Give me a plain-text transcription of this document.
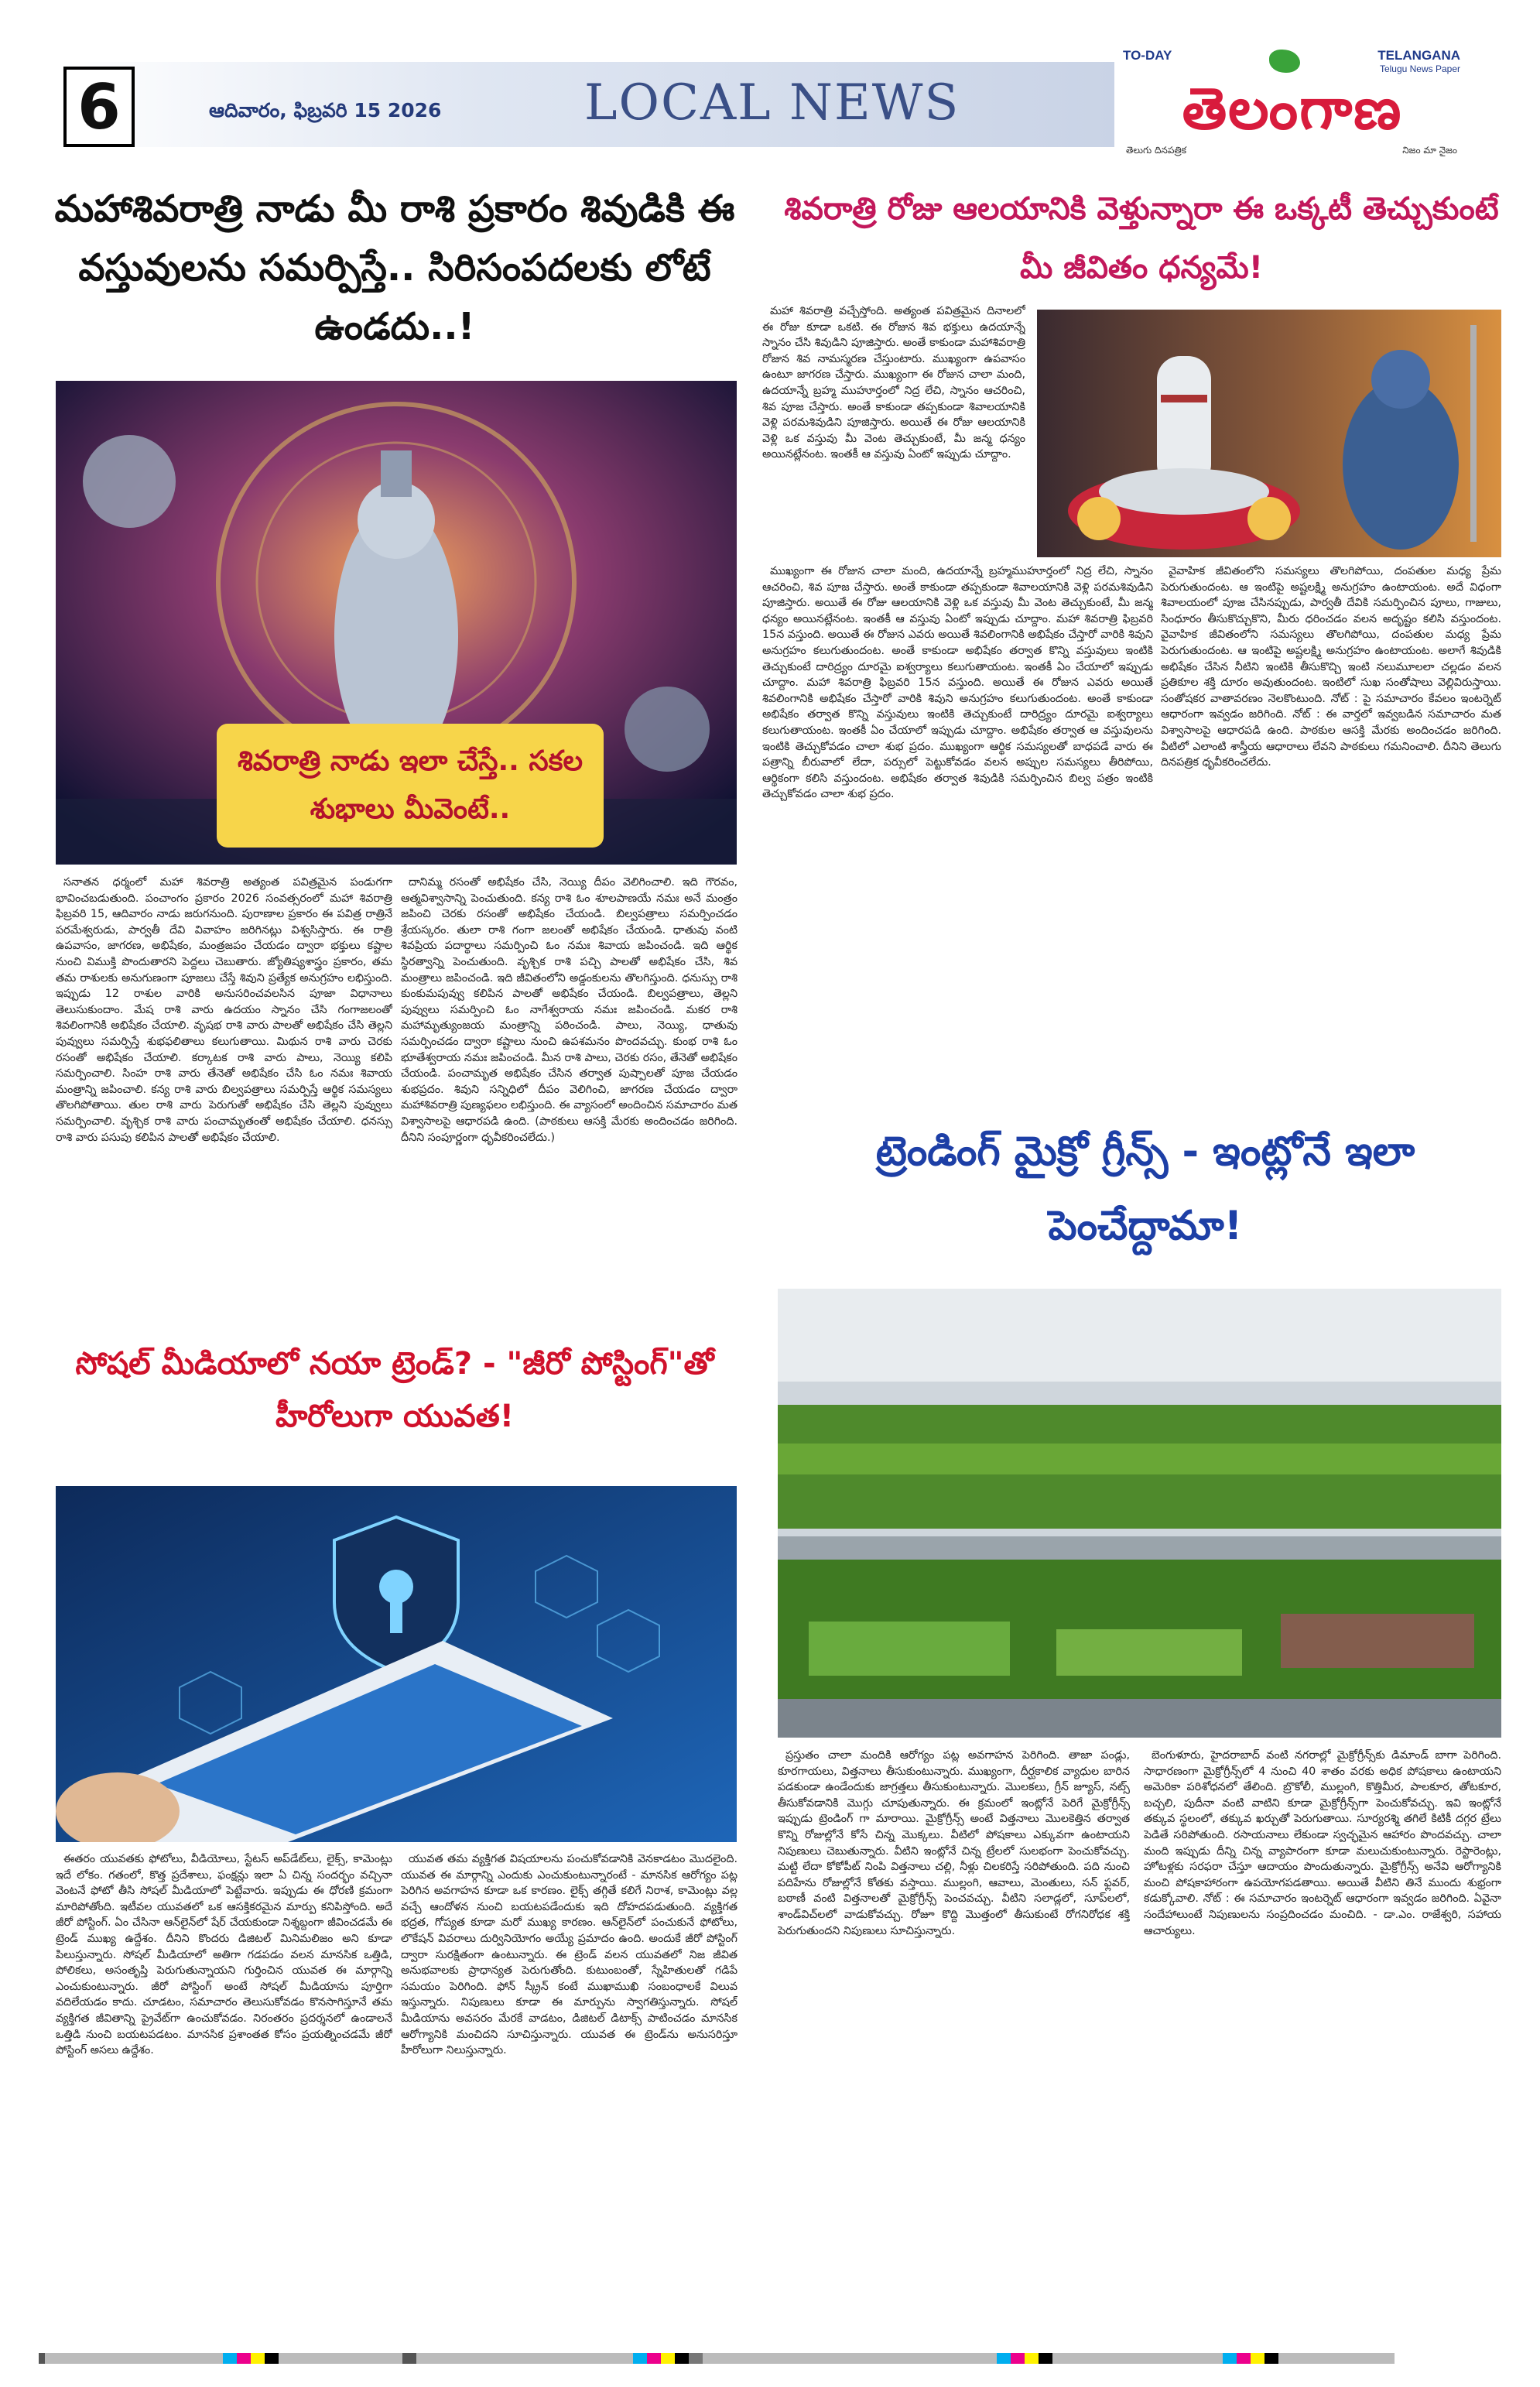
6	ఆదివారం, ఫిబ్రవరి 15 2026	LOCAL NEWS
TO-DAY	TELANGANA
Telugu News Paper
తెలంగాణ
తెలుగు దినపత్రిక	నిజం మా నైజం
మహాశివరాత్రి నాడు మీ రాశి ప్రకారం శివుడికి ఈ వస్తువులను సమర్పిస్తే.. సిరిసంపదలకు లోటే ఉండదు..!
శివరాత్రి నాడు ఇలా చేస్తే.. సకల శుభాలు మీవెంటే..

సనాతన ధర్మంలో మహా శివరాత్రి అత్యంత పవిత్రమైన పండుగగా భావించబడుతుంది. పంచాంగం ప్రకారం 2026 సంవత్సరంలో మహా శివరాత్రి ఫిబ్రవరి 15, ఆదివారం నాడు జరుగనుంది. పురాణాల ప్రకారం ఈ పవిత్ర రాత్రినే పరమేశ్వరుడు, పార్వతీ దేవి వివాహం జరిగినట్లు విశ్వసిస్తారు. ఈ రాత్రి ఉపవాసం, జాగరణ, అభిషేకం, మంత్రజపం చేయడం ద్వారా భక్తులు కష్టాల నుంచి విముక్తి పొందుతారని పెద్దలు చెబుతారు. జ్యోతిష్యశాస్త్రం ప్రకారం, తమ తమ రాశులకు అనుగుణంగా పూజలు చేస్తే శివుని ప్రత్యేక అనుగ్రహం లభిస్తుంది. ఇప్పుడు 12 రాశుల వారికి అనుసరించవలసిన పూజా విధానాలు తెలుసుకుందాం. మేష రాశి వారు ఉదయం స్నానం చేసి గంగాజలంతో శివలింగానికి అభిషేకం చేయాలి. వృషభ రాశి వారు పాలతో అభిషేకం చేసి తెల్లని పువ్వులు సమర్పిస్తే శుభఫలితాలు కలుగుతాయి. మిథున రాశి వారు చెరకు రసంతో అభిషేకం చేయాలి. కర్కాటక రాశి వారు పాలు, నెయ్యి కలిపి సమర్పించాలి. సింహ రాశి వారు తేనెతో అభిషేకం చేసి ఓం నమః శివాయ మంత్రాన్ని జపించాలి. కన్య రాశి వారు బిల్వపత్రాలు సమర్పిస్తే ఆర్థిక సమస్యలు తొలగిపోతాయి. తుల రాశి వారు పెరుగుతో అభిషేకం చేసి తెల్లని పువ్వులు సమర్పించాలి. వృశ్చిక రాశి వారు పంచామృతంతో అభిషేకం చేయాలి. ధనస్సు రాశి వారు పసుపు కలిపిన పాలతో అభిషేకం చేయాలి.

దానిమ్మ రసంతో అభిషేకం చేసి, నెయ్యి దీపం వెలిగించాలి. ఇది గౌరవం, ఆత్మవిశ్వాసాన్ని పెంచుతుంది. కన్య రాశి ఓం శూలపాణయే నమః అనే మంత్రం జపించి చెరకు రసంతో అభిషేకం చేయండి. బిల్వపత్రాలు సమర్పించడం శ్రేయస్కరం. తులా రాశి గంగా జలంతో అభిషేకం చేయండి. ధాతువు వంటి శివప్రియ పదార్థాలు సమర్పించి ఓం నమః శివాయ జపించండి. ఇది ఆర్థిక స్థిరత్వాన్ని పెంచుతుంది. వృశ్చిక రాశి పచ్చి పాలతో అభిషేకం చేసి, శివ మంత్రాలు జపించండి. ఇది జీవితంలోని అడ్డంకులను తొలగిస్తుంది. ధనుస్సు రాశి కుంకుమపువ్వు కలిపిన పాలతో అభిషేకం చేయండి. బిల్వపత్రాలు, తెల్లని పువ్వులు సమర్పించి ఓం నాగేశ్వరాయ నమః జపించండి. మకర రాశి మహామృత్యుంజయ మంత్రాన్ని పఠించండి. పాలు, నెయ్యి, ధాతువు సమర్పించడం ద్వారా కష్టాలు నుంచి ఉపశమనం పొందవచ్చు. కుంభ రాశి ఓం భూతేశ్వరాయ నమః జపించండి. మీన రాశి పాలు, చెరకు రసం, తేనెతో అభిషేకం చేయండి. పంచామృత అభిషేకం చేసిన తర్వాత పుష్పాలతో పూజ చేయడం శుభప్రదం. శివుని సన్నిధిలో దీపం వెలిగించి, జాగరణ చేయడం ద్వారా మహాశివరాత్రి పుణ్యఫలం లభిస్తుంది. ఈ వ్యాసంలో అందించిన సమాచారం మత విశ్వాసాలపై ఆధారపడి ఉంది. (పాఠకులు ఆసక్తి మేరకు అందించడం జరిగింది. దీనిని సంపూర్ణంగా ధృవీకరించలేదు.)

శివరాత్రి రోజు ఆలయానికి వెళ్తున్నారా ఈ ఒక్కటీ తెచ్చుకుంటే మీ జీవితం ధన్యమే!

మహా శివరాత్రి వచ్చేస్తోంది. అత్యంత పవిత్రమైన దినాలలో ఈ రోజు కూడా ఒకటి. ఈ రోజున శివ భక్తులు ఉదయాన్నే స్నానం చేసి శివుడిని పూజిస్తారు. అంతే కాకుండా మహాశివరాత్రి రోజున శివ నామస్మరణ చేస్తుంటారు. ముఖ్యంగా ఉపవాసం ఉంటూ జాగరణ చేస్తారు. ముఖ్యంగా ఈ రోజున చాలా మంది, ఉదయాన్నే బ్రహ్మ ముహూర్తంలో నిద్ర లేచి, స్నానం ఆచరించి, శివ పూజ చేస్తారు. అంతే కాకుండా తప్పకుండా శివాలయానికి వెళ్లి పరమశివుడిని పూజిస్తారు. అయితే ఈ రోజు ఆలయానికి వెళ్లి ఒక వస్తువు మీ వెంట తెచ్చుకుంటే, మీ జన్మ ధన్యం అయినట్లేనంట. ఇంతకీ ఆ వస్తువు ఏంటో ఇప్పుడు చూద్దాం.

ముఖ్యంగా ఈ రోజున చాలా మంది, ఉదయాన్నే బ్రహ్మముహూర్తంలో నిద్ర లేచి, స్నానం ఆచరించి, శివ పూజ చేస్తారు. అంతే కాకుండా తప్పకుండా శివాలయానికి వెళ్లి పరమశివుడిని పూజిస్తారు. అయితే ఈ రోజు ఆలయానికి వెళ్లి ఒక వస్తువు మీ వెంట తెచ్చుకుంటే, మీ జన్మ ధన్యం అయినట్లేనంట. ఇంతకీ ఆ వస్తువు ఏంటో ఇప్పుడు చూద్దాం. మహా శివరాత్రి ఫిబ్రవరి 15న వస్తుంది. అయితే ఈ రోజున ఎవరు అయితే శివలింగానికి అభిషేకం చేస్తారో వారికి శివుని అనుగ్రహం కలుగుతుందంట. అంతే కాకుండా అభిషేకం తర్వాత కొన్ని వస్తువులు ఇంటికి తెచ్చుకుంటే దారిద్ర్యం దూరమై ఐశ్వర్యాలు కలుగుతాయంట. ఇంతకీ ఏం చేయాలో ఇప్పుడు చూద్దాం. మహా శివరాత్రి ఫిబ్రవరి 15న వస్తుంది. అయితే ఈ రోజున ఎవరు అయితే శివలింగానికి అభిషేకం చేస్తారో వారికి శివుని అనుగ్రహం కలుగుతుందంట. అంతే కాకుండా అభిషేకం తర్వాత కొన్ని వస్తువులు ఇంటికి తెచ్చుకుంటే దారిద్ర్యం దూరమై ఐశ్వర్యాలు కలుగుతాయంట. ఇంతకీ ఏం చేయాలో ఇప్పుడు చూద్దాం. అభిషేకం తర్వాత ఆ వస్తువులను ఇంటికి తెచ్చుకోవడం చాలా శుభ ప్రదం. ముఖ్యంగా ఆర్థిక సమస్యలతో బాధపడే వారు ఈ పత్రాన్ని బీరువాలో లేదా, పర్సులో పెట్టుకోవడం వలన అప్పుల సమస్యలు తీరిపోయి, ఆర్థికంగా కలిసి వస్తుందంట. అభిషేకం తర్వాత శివుడికి సమర్పించిన బిల్వ పత్రం ఇంటికి తెచ్చుకోవడం చాలా శుభ ప్రదం.

వైవాహిక జీవితంలోని సమస్యలు తొలగిపోయి, దంపతుల మధ్య ప్రేమ పెరుగుతుందంట. ఆ ఇంటిపై అష్టలక్ష్మి అనుగ్రహం ఉంటాయంట. అదే విధంగా శివాలయంలో పూజ చేసినప్పుడు, పార్వతీ దేవికి సమర్పించిన పూలు, గాజులు, సింధూరం తీసుకొచ్చుకొని, మీరు ధరించడం వలన అదృష్టం కలిసి వస్తుందంట. వైవాహిక జీవితంలోని సమస్యలు తొలగిపోయి, దంపతుల మధ్య ప్రేమ పెరుగుతుందంట. ఆ ఇంటిపై అష్టలక్ష్మి అనుగ్రహం ఉంటాయంట. అలాగే శివుడికి అభిషేకం చేసిన నీటిని ఇంటికి తీసుకొచ్చి ఇంటి నలుమూలలా చల్లడం వలన ప్రతికూల శక్తి దూరం అవుతుందంట. ఇంటిలో సుఖ సంతోషాలు వెల్లివిరుస్తాయి. సంతోషకర వాతావరణం నెలకొంటుంది. నోట్ : పై సమాచారం కేవలం ఇంటర్నెట్ ఆధారంగా ఇవ్వడం జరిగింది. నోట్ : ఈ వార్తలో ఇవ్వబడిన సమాచారం మత విశ్వాసాలపై ఆధారపడి ఉంది. పాఠకుల ఆసక్తి మేరకు అందించడం జరిగింది. వీటిలో ఎలాంటి శాస్త్రీయ ఆధారాలు లేవని పాఠకులు గమనించాలి. దీనిని తెలుగు దినపత్రిక ధృవీకరించలేదు.

ట్రెండింగ్ మైక్రో గ్రీన్స్ - ఇంట్లోనే ఇలా పెంచేద్దామా!

ప్రస్తుతం చాలా మందికి ఆరోగ్యం పట్ల అవగాహన పెరిగింది. తాజా పండ్లు, కూరగాయలు, విత్తనాలు తీసుకుంటున్నారు. ముఖ్యంగా, దీర్ఘకాలిక వ్యాధుల బారిన పడకుండా ఉండేందుకు జాగ్రత్తలు తీసుకుంటున్నారు. మొలకలు, గ్రీన్ జ్యూస్, నట్స్ తీసుకోవడానికి మొగ్గు చూపుతున్నారు. ఈ క్రమంలో ఇంట్లోనే పెరిగే మైక్రోగ్రీన్స్ ఇప్పుడు ట్రెండింగ్ గా మారాయి. మైక్రోగ్రీన్స్ అంటే విత్తనాలు మొలకెత్తిన తర్వాత కొన్ని రోజుల్లోనే కోసే చిన్న మొక్కలు. వీటిలో పోషకాలు ఎక్కువగా ఉంటాయని నిపుణులు చెబుతున్నారు. వీటిని ఇంట్లోనే చిన్న ట్రేలలో సులభంగా పెంచుకోవచ్చు. మట్టి లేదా కోకోపీట్ నింపి విత్తనాలు చల్లి, నీళ్లు చిలకరిస్తే సరిపోతుంది. పది నుంచి పదిహేను రోజుల్లోనే కోతకు వస్తాయి. ముల్లంగి, ఆవాలు, మెంతులు, సన్ ఫ్లవర్, బఠాణీ వంటి విత్తనాలతో మైక్రోగ్రీన్స్ పెంచవచ్చు. వీటిని సలాడ్లలో, సూప్‌లలో, శాండ్‌విచ్‌లలో వాడుకోవచ్చు. రోజూ కొద్ది మొత్తంలో తీసుకుంటే రోగనిరోధక శక్తి పెరుగుతుందని నిపుణులు సూచిస్తున్నారు.

బెంగుళూరు, హైదరాబాద్ వంటి నగరాల్లో మైక్రోగ్రీన్స్‌కు డిమాండ్ బాగా పెరిగింది. సాధారణంగా మైక్రోగ్రీన్స్‌లో 4 నుంచి 40 శాతం వరకు అధిక పోషకాలు ఉంటాయని అమెరికా పరిశోధనలో తేలింది. బ్రొకోలీ, ముల్లంగి, కొత్తిమీర, పాలకూర, తోటకూర, బచ్చలి, పుదీనా వంటి వాటిని కూడా మైక్రోగ్రీన్స్‌గా పెంచుకోవచ్చు. ఇవి ఇంట్లోనే తక్కువ స్థలంలో, తక్కువ ఖర్చుతో పెరుగుతాయి. సూర్యరశ్మి తగిలే కిటికీ దగ్గర ట్రేలు పెడితే సరిపోతుంది. రసాయనాలు లేకుండా స్వచ్ఛమైన ఆహారం పొందవచ్చు. చాలా మంది ఇప్పుడు దీన్ని చిన్న వ్యాపారంగా కూడా మలుచుకుంటున్నారు. రెస్టారెంట్లు, హోటళ్లకు సరఫరా చేస్తూ ఆదాయం పొందుతున్నారు. మైక్రోగ్రీన్స్ అనేవి ఆరోగ్యానికి మంచి పోషకాహారంగా ఉపయోగపడతాయి. అయితే వీటిని తినే ముందు శుభ్రంగా కడుక్కోవాలి. నోట్ : ఈ సమాచారం ఇంటర్నెట్ ఆధారంగా ఇవ్వడం జరిగింది. ఏవైనా సందేహాలుంటే నిపుణులను సంప్రదించడం మంచిది. - డా.ఎం. రాజేశ్వరి, సహాయ ఆచార్యులు.

సోషల్ మీడియాలో నయా ట్రెండ్? - "జీరో పోస్టింగ్"తో హీరోలుగా యువత!

ఈతరం యువతకు ఫోటోలు, వీడియోలు, స్టేటస్ అప్‌డేట్‌లు, లైక్స్, కామెంట్లు ఇదే లోకం. గతంలో, కొత్త ప్రదేశాలు, ఫంక్షన్లు ఇలా ఏ చిన్న సందర్భం వచ్చినా వెంటనే ఫోటో తీసి సోషల్ మీడియాలో పెట్టేవారు. ఇప్పుడు ఈ ధోరణి క్రమంగా మారిపోతోంది. ఇటీవల యువతలో ఒక ఆసక్తికరమైన మార్పు కనిపిస్తోంది. అదే జీరో పోస్టింగ్. ఏం చేసినా ఆన్‌లైన్‌లో షేర్ చేయకుండా నిశ్శబ్దంగా జీవించడమే ఈ ట్రెండ్ ముఖ్య ఉద్దేశం. దీనిని కొందరు డిజిటల్ మినిమలిజం అని కూడా పిలుస్తున్నారు. సోషల్ మీడియాలో అతిగా గడపడం వలన మానసిక ఒత్తిడి, పోలికలు, అసంతృప్తి పెరుగుతున్నాయని గుర్తించిన యువత ఈ మార్గాన్ని ఎంచుకుంటున్నారు. జీరో పోస్టింగ్ అంటే సోషల్ మీడియాను పూర్తిగా వదిలేయడం కాదు. చూడటం, సమాచారం తెలుసుకోవడం కొనసాగిస్తూనే తమ వ్యక్తిగత జీవితాన్ని ప్రైవేట్‌గా ఉంచుకోవడం. నిరంతరం ప్రదర్శనలో ఉండాలనే ఒత్తిడి నుంచి బయటపడటం. మానసిక ప్రశాంతత కోసం ప్రయత్నించడమే జీరో పోస్టింగ్ అసలు ఉద్దేశం.

యువత తమ వ్యక్తిగత విషయాలను పంచుకోవడానికి వెనకాడటం మొదలైంది. యువత ఈ మార్గాన్ని ఎందుకు ఎంచుకుంటున్నారంటే - మానసిక ఆరోగ్యం పట్ల పెరిగిన అవగాహన కూడా ఒక కారణం. లైక్స్ తగ్గితే కలిగే నిరాశ, కామెంట్లు వల్ల వచ్చే ఆందోళన నుంచి బయటపడేందుకు ఇది దోహదపడుతుంది. వ్యక్తిగత భద్రత, గోప్యత కూడా మరో ముఖ్య కారణం. ఆన్‌లైన్‌లో పంచుకునే ఫోటోలు, లొకేషన్ వివరాలు దుర్వినియోగం అయ్యే ప్రమాదం ఉంది. అందుకే జీరో పోస్టింగ్ ద్వారా సురక్షితంగా ఉంటున్నారు. ఈ ట్రెండ్ వలన యువతలో నిజ జీవిత అనుభవాలకు ప్రాధాన్యత పెరుగుతోంది. కుటుంబంతో, స్నేహితులతో గడిపే సమయం పెరిగింది. ఫోన్ స్క్రీన్ కంటే ముఖాముఖి సంబంధాలకే విలువ ఇస్తున్నారు. నిపుణులు కూడా ఈ మార్పును స్వాగతిస్తున్నారు. సోషల్ మీడియాను అవసరం మేరకే వాడటం, డిజిటల్ డిటాక్స్ పాటించడం మానసిక ఆరోగ్యానికి మంచిదని సూచిస్తున్నారు. యువత ఈ ట్రెండ్‌ను అనుసరిస్తూ హీరోలుగా నిలుస్తున్నారు.
